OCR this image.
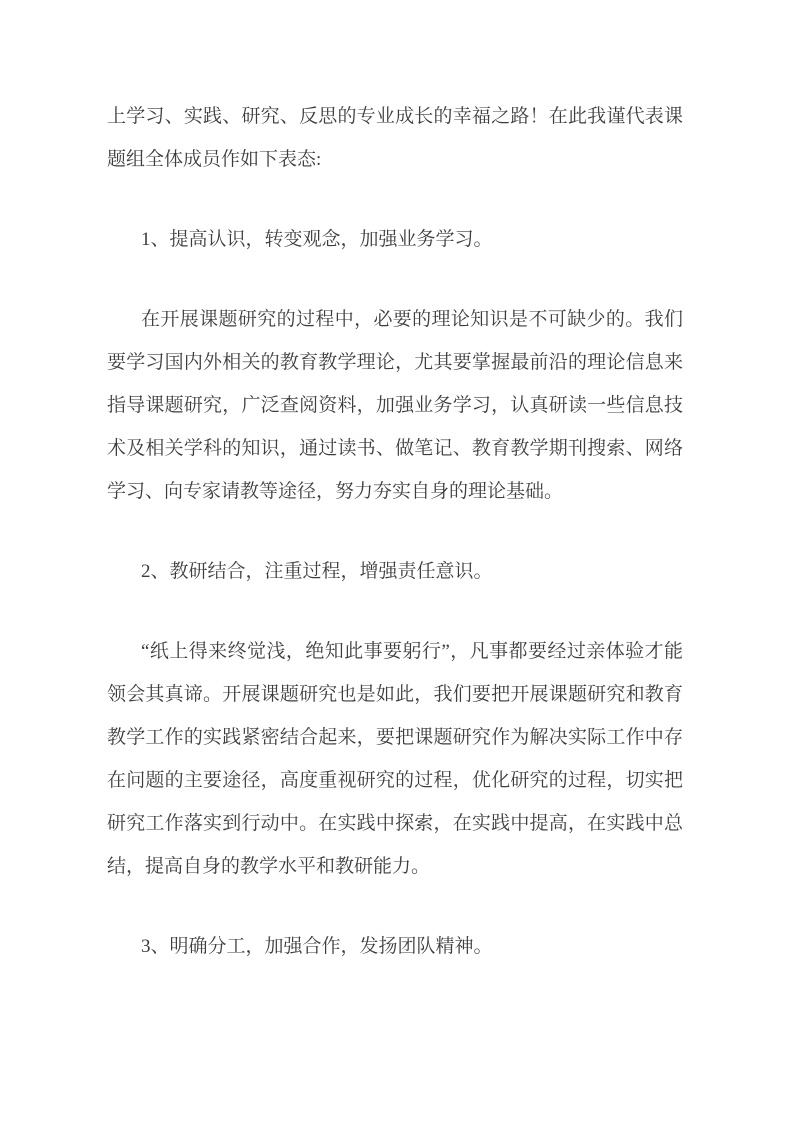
上学习、实践、研究、反思的专业成长的幸福之路！在此我谨代表课
题组全体成员作如下表态:

1、提高认识，转变观念，加强业务学习。

在开展课题研究的过程中，必要的理论知识是不可缺少的。我们
要学习国内外相关的教育教学理论，尤其要掌握最前沿的理论信息来
指导课题研究，广泛查阅资料，加强业务学习，认真研读一些信息技
术及相关学科的知识，通过读书、做笔记、教育教学期刊搜索、网络
学习、向专家请教等途径，努力夯实自身的理论基础。

2、教研结合，注重过程，增强责任意识。

“纸上得来终觉浅，绝知此事要躬行”，凡事都要经过亲体验才能
领会其真谛。开展课题研究也是如此，我们要把开展课题研究和教育
教学工作的实践紧密结合起来，要把课题研究作为解决实际工作中存
在问题的主要途径，高度重视研究的过程，优化研究的过程，切实把
研究工作落实到行动中。在实践中探索，在实践中提高，在实践中总
结，提高自身的教学水平和教研能力。

3、明确分工，加强合作，发扬团队精神。
